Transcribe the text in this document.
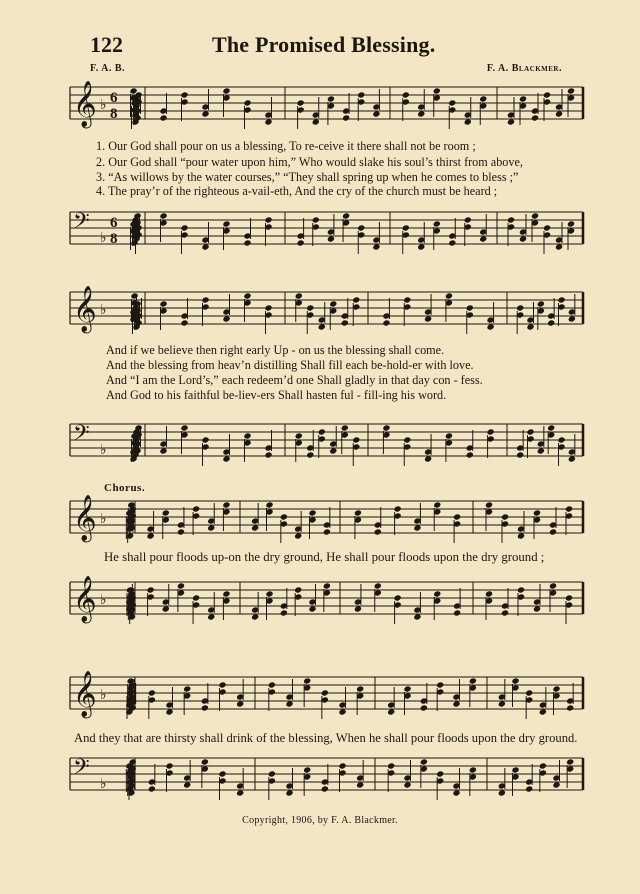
122	The Promised Blessing.
F. A. B.	F. A. Blackmer.
𝄞 ♭ 6
8
𝄢 ♭
6
8
𝄞 ♭
𝄢 ♭
𝄞 ♭
𝄞 ♭
𝄞 ♭
𝄢 ♭
1. Our God shall pour on us a blessing, To re-ceive it there shall not be room ;
2. Our God shall “pour water upon him,” Who would slake his soul’s thirst from above,
3. “As willows by the water courses,” “They shall spring up when he comes to bless ;”
4. The pray’r of the righteous a-vail-eth, And the cry of the church must be heard ;
And if we believe then right early Up - on us the blessing shall come.
And the blessing from heav’n distilling Shall fill each be-hold-er with love.
And “I am the Lord’s,” each redeem’d one Shall gladly in that day con - fess.
And God to his faithful be-liev-ers Shall hasten ful - fill-ing his word.
Chorus.
He shall pour floods up-on the dry ground, He shall pour floods upon the dry ground ;
And they that are thirsty shall drink of the blessing, When he shall pour floods upon the dry ground.
Copyright, 1906, by F. A. Blackmer.
